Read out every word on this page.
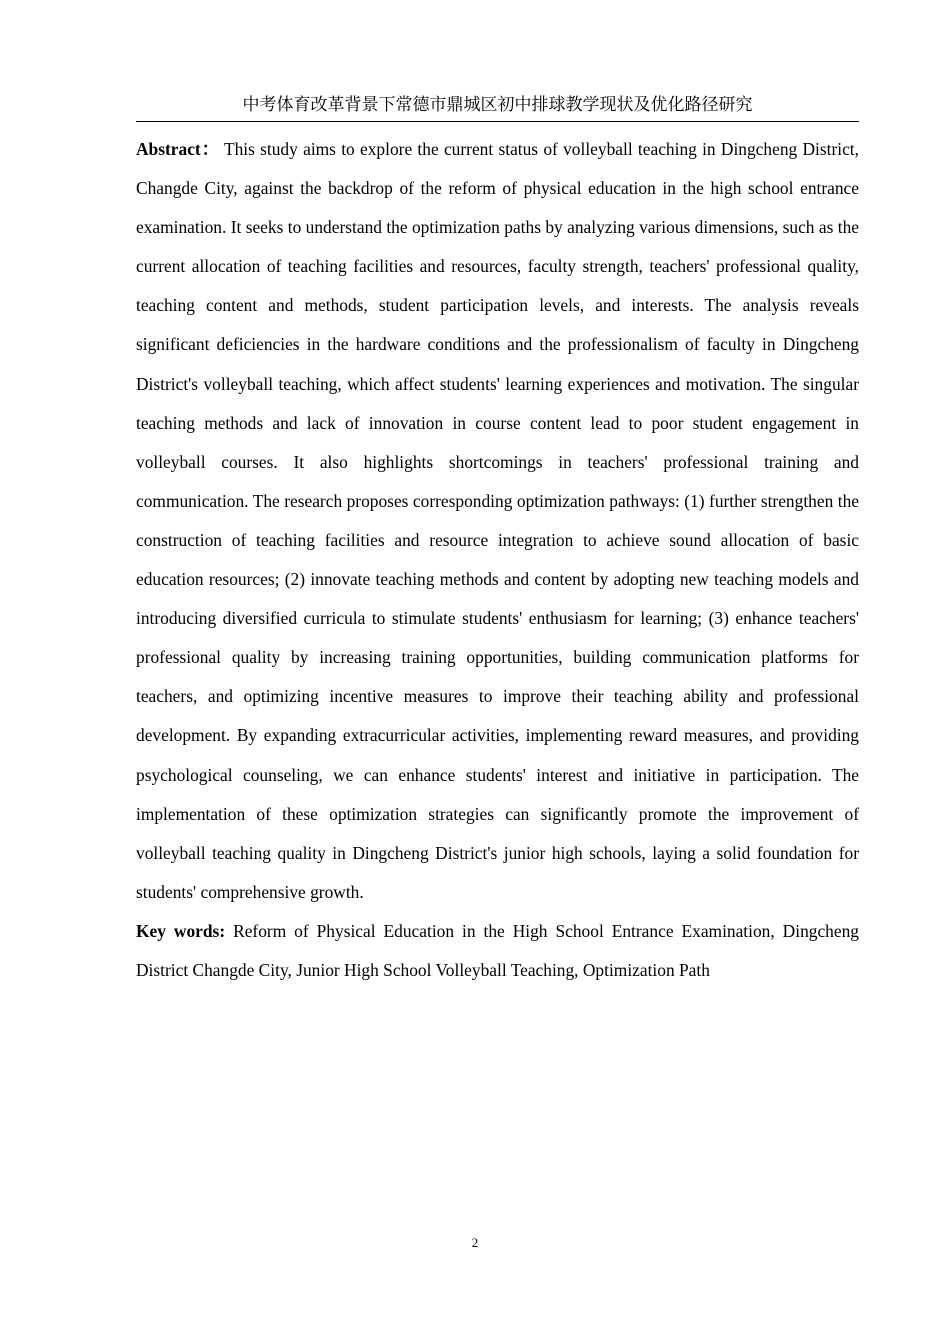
中考体育改革背景下常德市鼎城区初中排球教学现状及优化路径研究

Abstract： This study aims to explore the current status of volleyball teaching in Dingcheng District, Changde City, against the backdrop of the reform of physical education in the high school entrance examination. It seeks to understand the optimization paths by analyzing various dimensions, such as the current allocation of teaching facilities and resources, faculty strength, teachers' professional quality, teaching content and methods, student participation levels, and interests. The analysis reveals significant deficiencies in the hardware conditions and the professionalism of faculty in Dingcheng District's volleyball teaching, which affect students' learning experiences and motivation. The singular teaching methods and lack of innovation in course content lead to poor student engagement in volleyball courses. It also highlights shortcomings in teachers' professional training and communication. The research proposes corresponding optimization pathways: (1) further strengthen the construction of teaching facilities and resource integration to achieve sound allocation of basic education resources; (2) innovate teaching methods and content by adopting new teaching models and introducing diversified curricula to stimulate students' enthusiasm for learning; (3) enhance teachers' professional quality by increasing training opportunities, building communication platforms for teachers, and optimizing incentive measures to improve their teaching ability and professional development. By expanding extracurricular activities, implementing reward measures, and providing psychological counseling, we can enhance students' interest and initiative in participation. The implementation of these optimization strategies can significantly promote the improvement of volleyball teaching quality in Dingcheng District's junior high schools, laying a solid foundation for students' comprehensive growth.

Key words: Reform of Physical Education in the High School Entrance Examination, Dingcheng District Changde City, Junior High School Volleyball Teaching, Optimization Path

2
